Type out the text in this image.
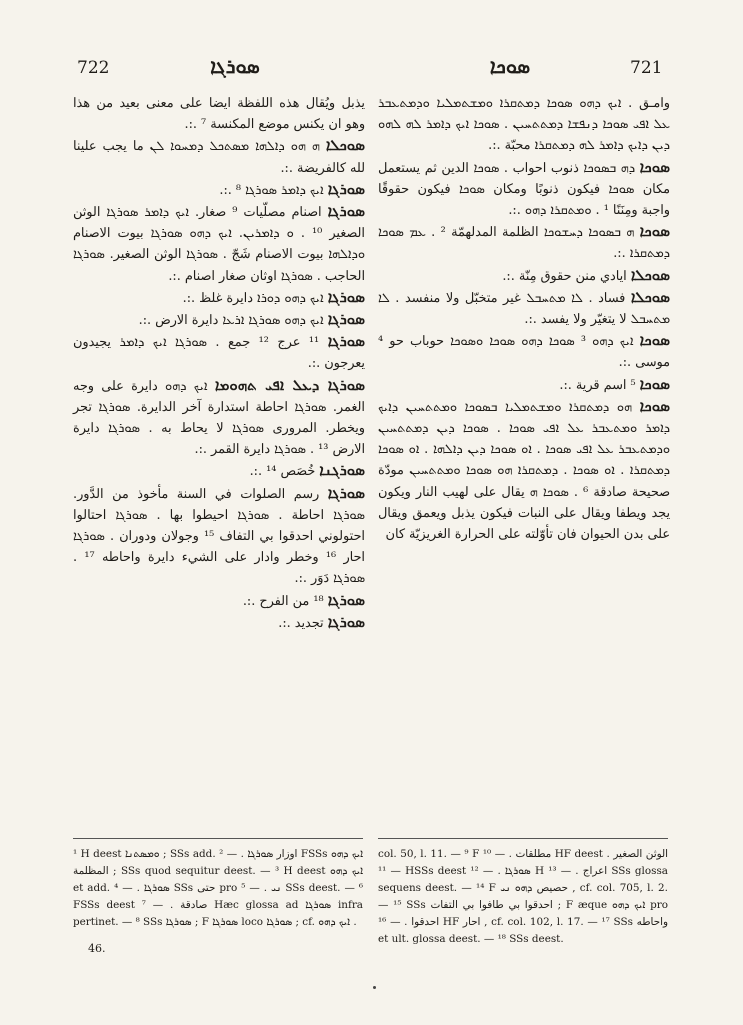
722	ܣܘܪܓܐ	ܣܘܟܐ	721

يذبل ويُقال هذه اللفظة ايضا على معنى بعيد من هذا وهو ان يكنس موضع المكنسة ⁷ .:.

ܣܘܟܠܐ ܗ ܗܘ ܕܐܠܗܐ ܡܣܬܟܠ ܕܡܚܘܐ ܠܢ ما يجب علينا لله كالفريضة .:.

ܣܘܪܓܐ ܐܝܟ ܕܐܡܪ ܣܘܪܓܐ ⁸ .:.

ܣܘܪܓܐ اصنام مصلّيات ⁹ صغار. ܐܝܟ ܕܐܡܪ ܣܘܪܓܐ الوثن الصغير ¹⁰ . ܘ ܕܐܡܪܝܢ. ܐܝܟ ܕܗܘ ܣܘܪܓܐ بيوت الاصنام ܘܕܐܠܗܐ بيوت الاصنام شَجّ . ܣܘܪܓܐ الوثن الصغير. ܣܘܪܓܐ الحاجب . ܣܘܪܓܐ اوثان صغار اصنام .:.

ܣܘܪܓܐ ܐܝܟ ܕܗܘ ܕܘܪܐ دايرة غلظ .:.

ܣܘܪܓܐ ܐܝܟ ܕܗܘ ܣܘܪܓܐ ܐܪܥܐ دايرة الارض .:.

ܣܘܪܓܐ ¹¹ عرج ¹² جمع . ܣܘܪܓܐ ܐܝܟ ܕܐܡܪ يجيدون يعرجون .:.

ܣܘܪܓܐ ܕܥܠ ܐܦܝ ܬܗܘܡܐ ܐܝܟ ܕܗܘ دايرة على وجه الغمر. ܣܘܪܓܐ احاطة استدارة آخر الدايرة. ܣܘܪܓܐ تجر ويخطر. المرورى ܣܘܪܓܐ لا يحاط به . ܣܘܪܓܐ دايرة الارض ¹³ . ܣܘܪܓܐ دايرة القمر .:.

ܣܘܪܓܢܐ خُصَص ¹⁴ .:.

ܣܘܪܓܐ رسم الصلوات في السنة مأخوذ من الدَّور. ܣܘܪܓܐ احاطة . ܣܘܪܓܐ احيطوا بها . ܣܘܪܓܐ احتالوا احتولوني احدقوا بي التفاف ¹⁵ وجولان ودوران . ܣܘܪܓܐ احار ¹⁶ وخطر وادار على الشيء دايرة واحاطه ¹⁷ . ܣܘܪܓܐ دَوَر .:.

ܣܘܪܓܐ ¹⁸ من الفرح .:.

ܣܘܪܓܐ تجديد .:.

وامـق . ܐܝܟ ܕܗܘ ܣܘܟܐ ܕܡܬܩܪܐ ܘܡܫܬܡܠܝܐ ܘܕܡܬܥܒܪ ܥܠ ܐܦܝ ܣܘܟܐ ܕܢܦܫܐ ܕܡܬܬܚܝܢ . ܣܘܟܐ ܐܝܟ ܕܐܡܪ ܠܗ ܠܗܘ ܕܝܢ ܕܐܝܟ ܕܐܡܪ ܠܗ ܕܡܬܩܪܐ محبّة .:.

ܣܘܟܐ ܕܗ ܒܣܘܟܐ ذنوب احواب . ܣܘܟܐ الدين ثم يستعمل مكان ܣܘܟܐ فيكون ذنوبًا ومكان ܣܘܟܐ فيكون حقوقًا واجبة ومِنَنًا ¹ . ܘܡܬܩܪܐ ܕܗܘ .:.

ܣܘܟܐ ܗ ܒܣܘܟܐ ܕܚܫܘܟܐ الظلمة المدلهمّة ² . ܥܡ ܣܘܟܐ ܕܡܬܩܪܐ .:.

ܣܘܟܠܐ ايادي منن حقوق مِنّة .:.

ܣܘܟܠܐ فساد . ܠܐ ܡܬܚܒܠ غير متخبّل ولا منفسد . ܠܐ ܡܬܚܒܠ لا يتغيّر ولا يفسد .:.

ܣܘܟܐ ܐܝܟ ܕܗܘ ³ ܣܘܟܐ ܕܗܘ ܣܘܟܐ ܘܣܘܟܐ حوباب حو ⁴ موسى .:.

ܣܘܟܐ ⁵ اسم قرية .:.

ܣܘܟܐ ܗܘ ܕܡܬܩܪܐ ܘܡܫܬܡܠܝܐ ܒܣܘܟܐ ܘܡܬܬܚܝܢ ܕܐܝܟ ܕܐܡܪ ܘܡܬܥܒܪ ܥܠ ܐܦܝ ܣܘܟܐ . ܣܘܟܐ ܕܝܢ ܕܡܬܬܚܝܢ ܘܕܡܬܥܒܪ ܥܠ ܐܦܝ ܣܘܟܐ . ܐܘ ܣܘܟܐ ܕܝܢ ܕܐܠܗܐ . ܐܘ ܣܘܟܐ ܕܡܬܩܪܐ . ܐܘ ܣܘܟܐ . ܕܡܬܩܪܐ ܗܘ ܣܘܟܐ ܘܡܬܬܚܝܢ مودّة صحيحة صادقة ⁶ . ܣܘܟܐ ܗ يقال على لهيب النار ويكون يجد ويطفا ويقال على النبات فيكون يذبل ويعمق ويقال على بدن الحيوان فان تأوّلته على الحرارة الغريزيّة كان

¹ H deest ܘܡܣܬܢܐ ; SSs add. اوزار ܣܘܪܓܐ . — ² FSSs ܐܝܟ ܕܗܘ المظلمة ; SSs quod sequitur deest. — ³ H deest ܐܝܟ ܕܗܘ et add. ܣܘܪܓܐ . — ⁴ SSs حتى pro ܢܝ . — ⁵ SSs deest. — ⁶ FSSs deest صادقة . — ⁷ Hæc glossa ad ܣܘܪܓܐ infra pertinet. — ⁸ SSs ܣܘܪܓܐ ; F ܣܘܪܓܐ loco ܣܘܪܓܐ ; cf. ܐܝܟ ܕܗܘ .

col. 50, l. 11. — ⁹ F مطلقات . — ¹⁰ HF deest الوثن الصغير . — ¹¹ HSSs deest ܣܘܪܓܐ . — ¹² H اعراج . — ¹³ SSs glossa sequens deest. — ¹⁴ F حصيص ܕܗܘ ܢܝ , cf. col. 705, l. 2. — ¹⁵ SSs احدقوا بي طافوا بي التفات ; F æque ܐܝܟ ܕܗܘ pro احدقوا . — ¹⁶ HF احار , cf. col. 102, l. 17. — ¹⁷ SSs واحاطه et ult. glossa deest. — ¹⁸ SSs deest.

46.
